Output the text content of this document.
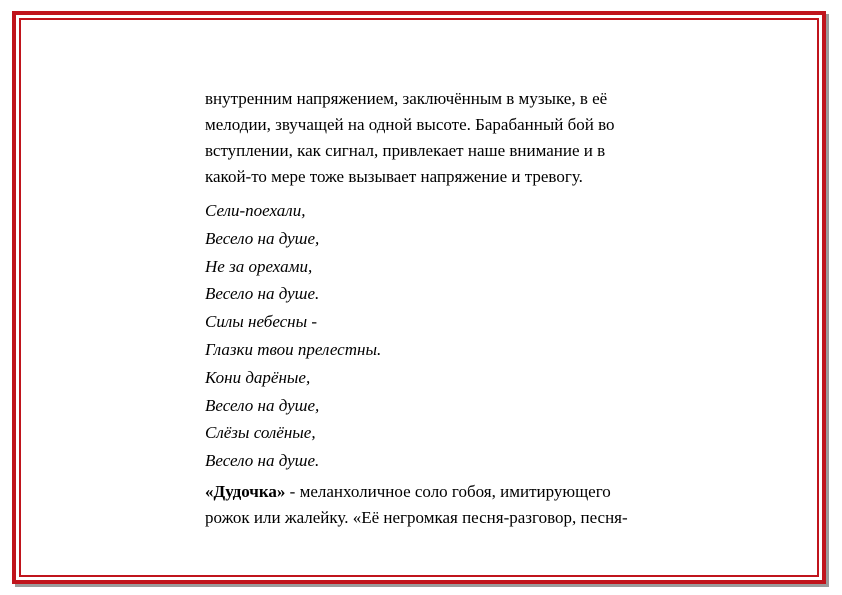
внутренним напряжением, заключённым в музыке, в её
мелодии, звучащей на одной высоте. Барабанный бой во
вступлении, как сигнал, привлекает наше внимание и в
какой-то мере тоже вызывает напряжение и тревогу.

Сели-поехали,
Весело на душе,
Не за орехами,
Весело на душе.
Силы небесны -
Глазки твои прелестны.
Кони дарёные,
Весело на душе,
Слёзы солёные,
Весело на душе.

«Дудочка» - меланхоличное соло гобоя, имитирующего
рожок или жалейку. «Её негромкая песня-разговор, песня-
